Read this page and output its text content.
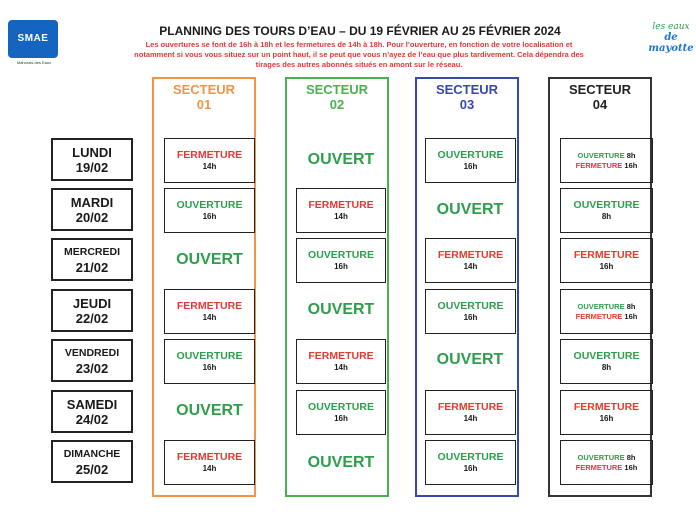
SMAE
Mahorais des Eaux
les eaux
de mayotte
PLANNING DES TOURS D’EAU – DU 19 FÉVRIER AU 25 FÉVRIER 2024
Les ouvertures se font de 16h à 18h et les fermetures de 14h à 18h. Pour l’ouverture, en fonction de votre localisation et
notamment si vous vous situez sur un point haut, il se peut que vous n’ayez de l’eau que plus tardivement. Cela dépendra des
tirages des autres abonnés situés en amont sur le réseau.
SECTEUR
01
SECTEUR
02
SECTEUR
03
SECTEUR
04
LUNDI
19/02
MARDI
20/02
MERCREDI
21/02
JEUDI
22/02
VENDREDI
23/02
SAMEDI
24/02
DIMANCHE
25/02
FERMETURE
14h
OUVERTURE
16h
OUVERT
FERMETURE
14h
OUVERTURE
16h
OUVERT
FERMETURE
14h
OUVERT
FERMETURE
14h
OUVERTURE
16h
OUVERT
FERMETURE
14h
OUVERTURE
16h
OUVERT
OUVERTURE
16h
OUVERT
FERMETURE
14h
OUVERTURE
16h
OUVERT
FERMETURE
14h
OUVERTURE
16h
OUVERTURE 8h
FERMETURE 16h
OUVERTURE
8h
FERMETURE
16h
OUVERTURE 8h
FERMETURE 16h
OUVERTURE
8h
FERMETURE
16h
OUVERTURE 8h
FERMETURE 16h
